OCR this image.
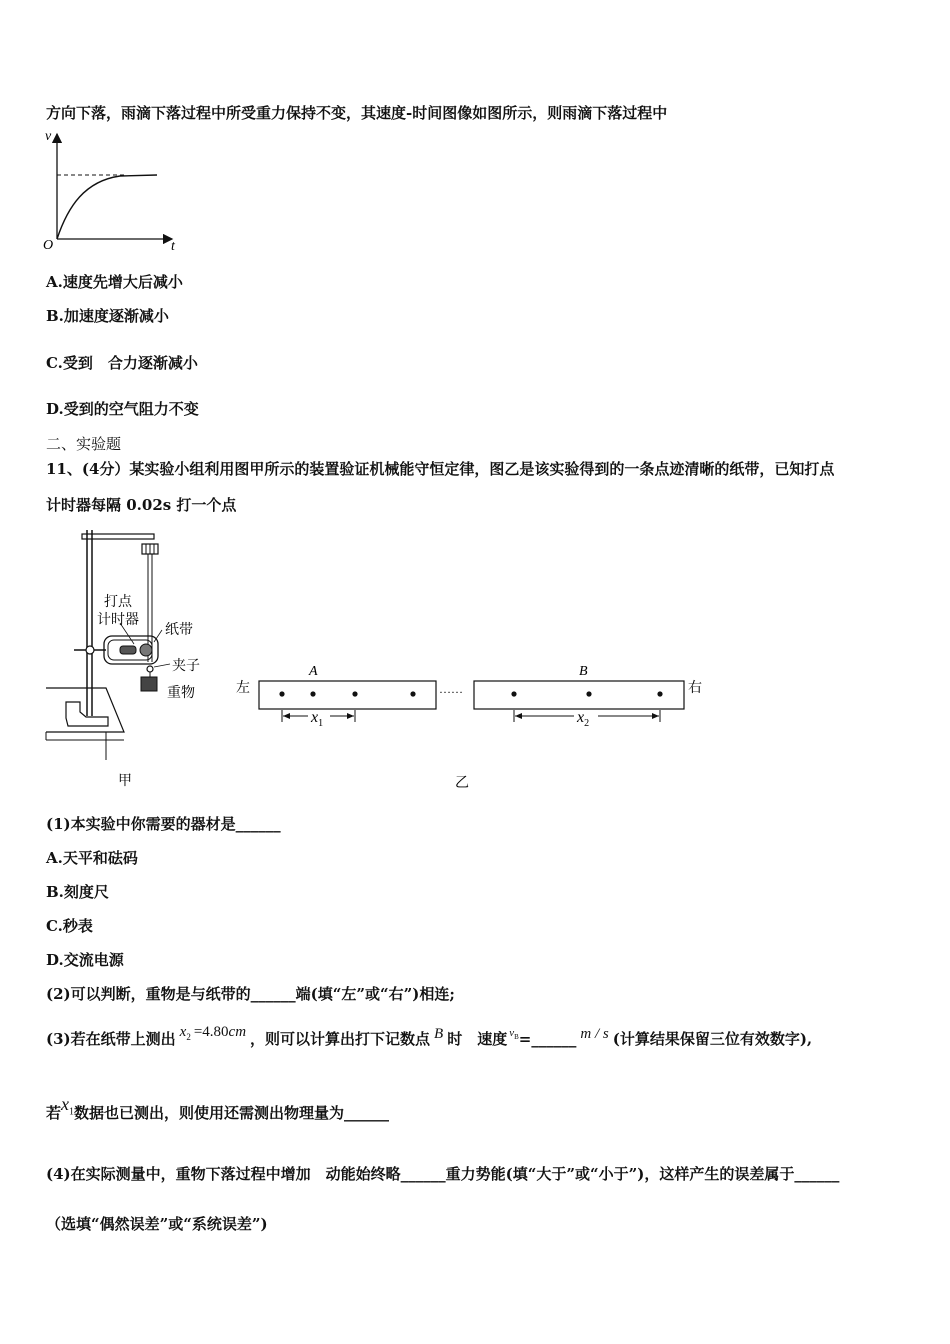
方向下落，雨滴下落过程中所受重力保持不变，其速度-时间图像如图所示，则雨滴下落过程中
v
t
O
A.速度先增大后减小
B.加速度逐渐减小
C.受到　合力逐渐减小
D.受到的空气阻力不变
二、实验题
11、(4分）某实验小组利用图甲所示的装置验证机械能守恒定律，图乙是该实验得到的一条点迹清晰的纸带，已知打点
计时器每隔 0.02s 打一个点
打点
计时器
纸带
夹子
重物
甲
左	右
……
A	B
$x_1$	$x_2$
乙
(1)本实验中你需要的器材是______
A.天平和砝码
B.刻度尺
C.秒表
D.交流电源
(2)可以判断，重物是与纸带的______端(填“左”或“右”)相连;
(3)若在纸带上测出 $x_2 =4.80cm$ ，则可以计算出打下记数点 B 时　速度 $^{v_B}$=______ m / s (计算结果保留三位有效数字),
若$x_1$数据也已测出，则使用还需测出物理量为______
(4)在实际测量中，重物下落过程中增加　动能始终略______重力势能(填“大于”或“小于”)，这样产生的误差属于______
（选填“偶然误差”或“系统误差”)
